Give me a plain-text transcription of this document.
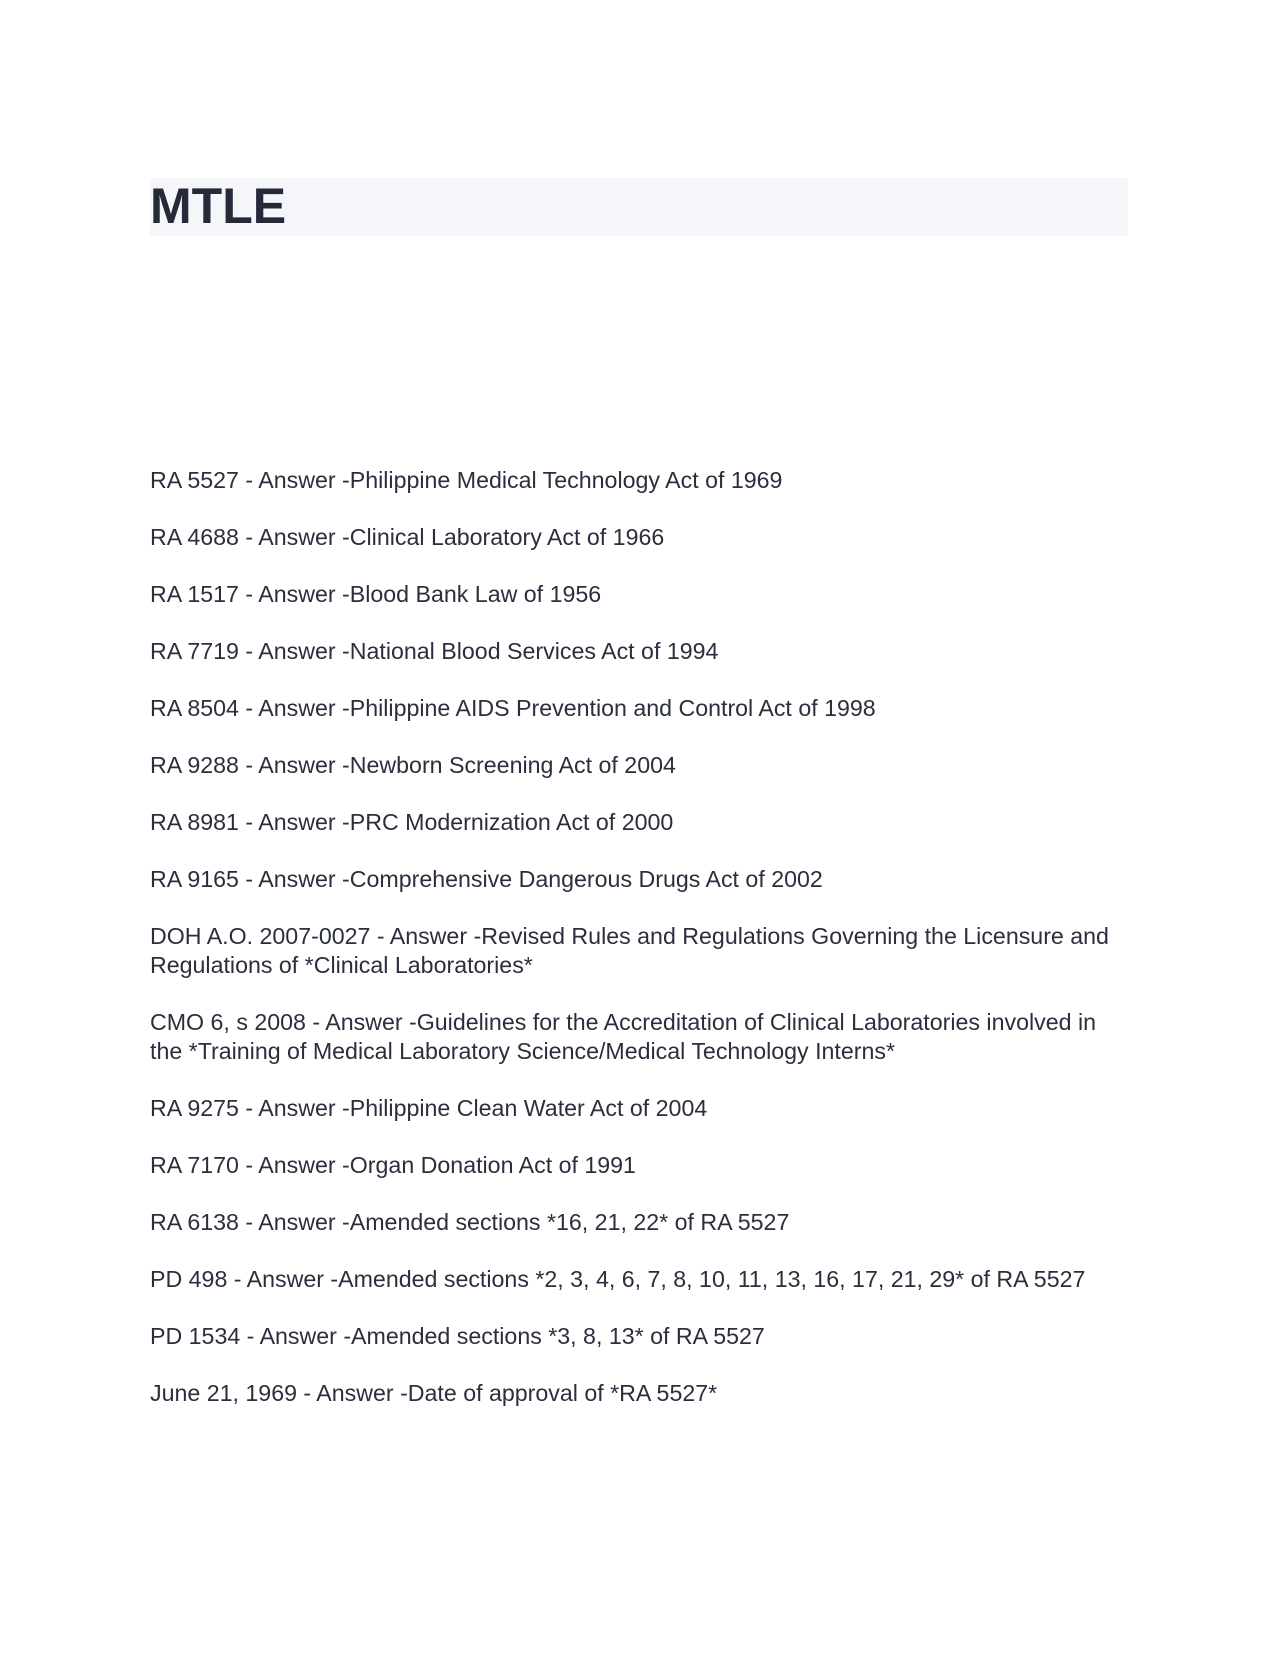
MTLE
RA 5527 - Answer -Philippine Medical Technology Act of 1969
RA 4688 - Answer -Clinical Laboratory Act of 1966
RA 1517 - Answer -Blood Bank Law of 1956
RA 7719 - Answer -National Blood Services Act of 1994
RA 8504 - Answer -Philippine AIDS Prevention and Control Act of 1998
RA 9288 - Answer -Newborn Screening Act of 2004
RA 8981 - Answer -PRC Modernization Act of 2000
RA 9165 - Answer -Comprehensive Dangerous Drugs Act of 2002
DOH A.O. 2007-0027 - Answer -Revised Rules and Regulations Governing the Licensure and Regulations of *Clinical Laboratories*
CMO 6, s 2008 - Answer -Guidelines for the Accreditation of Clinical Laboratories involved in the *Training of Medical Laboratory Science/Medical Technology Interns*
RA 9275 - Answer -Philippine Clean Water Act of 2004
RA 7170 - Answer -Organ Donation Act of 1991
RA 6138 - Answer -Amended sections *16, 21, 22* of RA 5527
PD 498 - Answer -Amended sections *2, 3, 4, 6, 7, 8, 10, 11, 13, 16, 17, 21, 29* of RA 5527
PD 1534 - Answer -Amended sections *3, 8, 13* of RA 5527
June 21, 1969 - Answer -Date of approval of *RA 5527*
